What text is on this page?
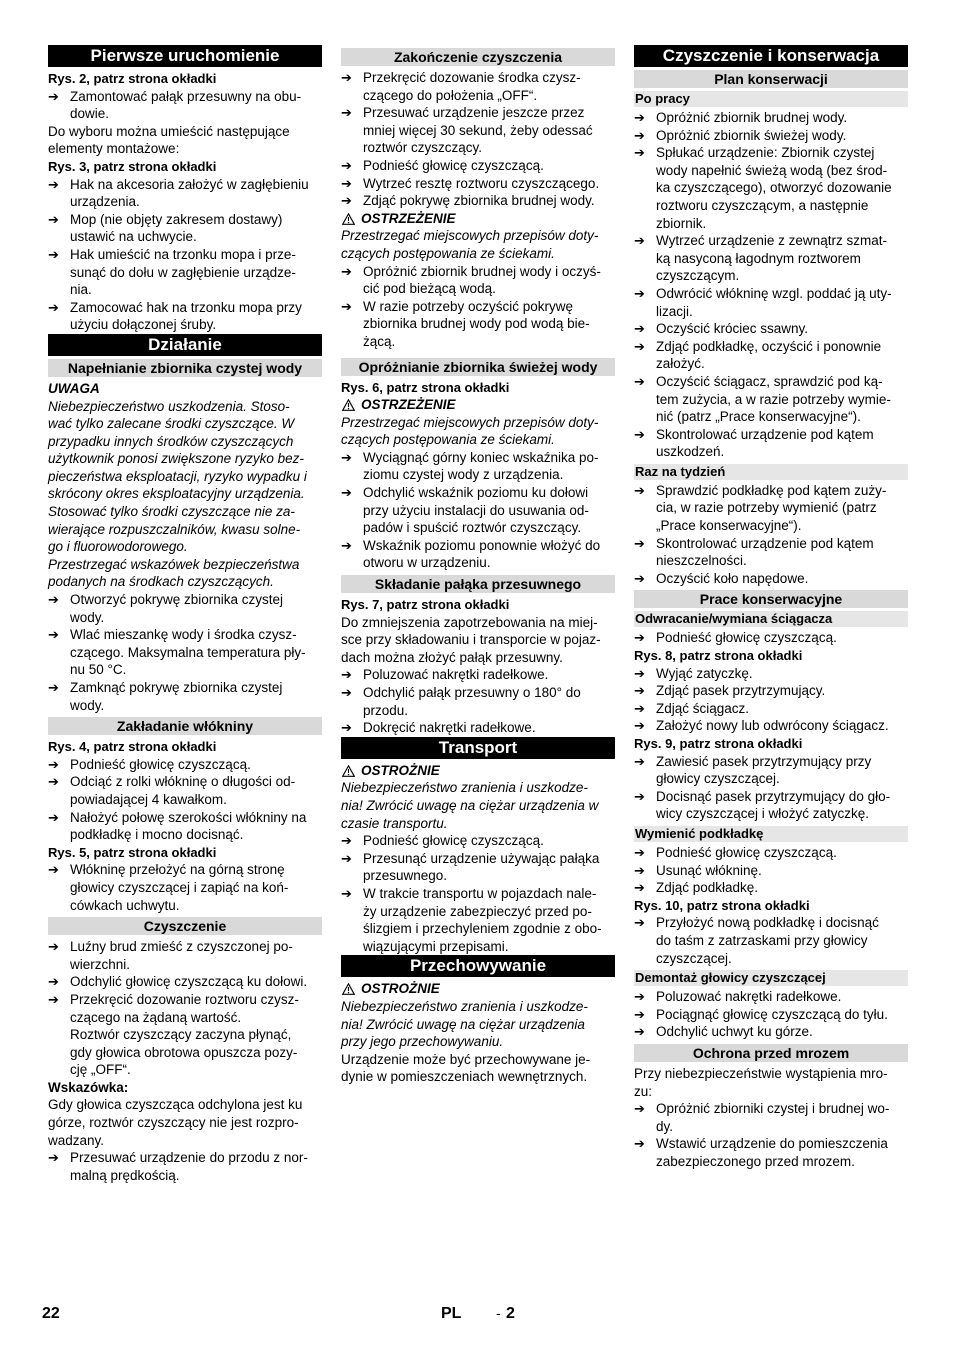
Pierwsze uruchomienie
Rys. 2, patrz strona okładki
➔ Zamontować pałąk przesuwny na obu-
dowie.
Do wyboru można umieścić następujące
elementy montażowe:
Rys. 3, patrz strona okładki
➔ Hak na akcesoria założyć w zagłębieniu
urządzenia.
➔ Mop (nie objęty zakresem dostawy)
ustawić na uchwycie.
➔ Hak umieścić na trzonku mopa i prze-
sunąć do dołu w zagłębienie urządze-
nia.
➔ Zamocować hak na trzonku mopa przy
użyciu dołączonej śruby.
Działanie
Napełnianie zbiornika czystej wody
UWAGA
Niebezpieczeństwo uszkodzenia. Stoso-
wać tylko zalecane środki czyszczące. W
przypadku innych środków czyszczących
użytkownik ponosi zwiększone ryzyko bez-
pieczeństwa eksploatacji, ryzyko wypadku i
skrócony okres eksploatacyjny urządzenia.
Stosować tylko środki czyszczące nie za-
wierające rozpuszczalników, kwasu solne-
go i fluorowodorowego.
Przestrzegać wskazówek bezpieczeństwa
podanych na środkach czyszczących.
➔ Otworzyć pokrywę zbiornika czystej
wody.
➔ Wlać mieszankę wody i środka czysz-
czącego. Maksymalna temperatura pły-
nu 50 °C.
➔ Zamknąć pokrywę zbiornika czystej
wody.
Zakładanie włókniny
Rys. 4, patrz strona okładki
➔ Podnieść głowicę czyszczącą.
➔ Odciąć z rolki włókninę o długości od-
powiadającej 4 kawałkom.
➔ Nałożyć połowę szerokości włókniny na
podkładkę i mocno docisnąć.
Rys. 5, patrz strona okładki
➔ Włókninę przełożyć na górną stronę
głowicy czyszczącej i zapiąć na koń-
cówkach uchwytu.
Czyszczenie
➔ Luźny brud zmieść z czyszczonej po-
wierzchni.
➔ Odchylić głowicę czyszczącą ku dołowi.
➔ Przekręcić dozowanie roztworu czysz-
czącego na żądaną wartość.
Roztwór czyszczący zaczyna płynąć,
gdy głowica obrotowa opuszcza pozy-
cję „OFF“.
Wskazówka:
Gdy głowica czyszcząca odchylona jest ku
górze, roztwór czyszczący nie jest rozpro-
wadzany.
➔ Przesuwać urządzenie do przodu z nor-
malną prędkością.
Zakończenie czyszczenia
➔ Przekręcić dozowanie środka czysz-
czącego do położenia „OFF“.
➔ Przesuwać urządzenie jeszcze przez
mniej więcej 30 sekund, żeby odessać
roztwór czyszczący.
➔ Podnieść głowicę czyszczącą.
➔ Wytrzeć resztę roztworu czyszczącego.
➔ Zdjąć pokrywę zbiornika brudnej wody.
OSTRZEŻENIE
Przestrzegać miejscowych przepisów doty-
czących postępowania ze ściekami.
➔ Opróżnić zbiornik brudnej wody i oczyś-
cić pod bieżącą wodą.
➔ W razie potrzeby oczyścić pokrywę
zbiornika brudnej wody pod wodą bie-
żącą.
Opróżnianie zbiornika świeżej wody
Rys. 6, patrz strona okładki
OSTRZEŻENIE
Przestrzegać miejscowych przepisów doty-
czących postępowania ze ściekami.
➔ Wyciągnąć górny koniec wskaźnika po-
ziomu czystej wody z urządzenia.
➔ Odchylić wskaźnik poziomu ku dołowi
przy użyciu instalacji do usuwania od-
padów i spuścić roztwór czyszczący.
➔ Wskaźnik poziomu ponownie włożyć do
otworu w urządzeniu.
Składanie pałąka przesuwnego
Rys. 7, patrz strona okładki
Do zmniejszenia zapotrzebowania na miej-
sce przy składowaniu i transporcie w pojaz-
dach można złożyć pałąk przesuwny.
➔ Poluzować nakrętki radełkowe.
➔ Odchylić pałąk przesuwny o 180° do
przodu.
➔ Dokręcić nakrętki radełkowe.
Transport
OSTROŻNIE
Niebezpieczeństwo zranienia i uszkodze-
nia! Zwrócić uwagę na ciężar urządzenia w
czasie transportu.
➔ Podnieść głowicę czyszczącą.
➔ Przesunąć urządzenie używając pałąka
przesuwnego.
➔ W trakcie transportu w pojazdach nale-
ży urządzenie zabezpieczyć przed po-
ślizgiem i przechyleniem zgodnie z obo-
wiązującymi przepisami.
Przechowywanie
OSTROŻNIE
Niebezpieczeństwo zranienia i uszkodze-
nia! Zwrócić uwagę na ciężar urządzenia
przy jego przechowywaniu.
Urządzenie może być przechowywane je-
dynie w pomieszczeniach wewnętrznych.
Czyszczenie i konserwacja
Plan konserwacji
Po pracy
➔ Opróżnić zbiornik brudnej wody.
➔ Opróżnić zbiornik świeżej wody.
➔ Spłukać urządzenie: Zbiornik czystej
wody napełnić świeżą wodą (bez środ-
ka czyszczącego), otworzyć dozowanie
roztworu czyszczącym, a następnie
zbiornik.
➔ Wytrzeć urządzenie z zewnątrz szmat-
ką nasyconą łagodnym roztworem
czyszczącym.
➔ Odwrócić włókninę wzgl. poddać ją uty-
lizacji.
➔ Oczyścić króciec ssawny.
➔ Zdjąć podkładkę, oczyścić i ponownie
założyć.
➔ Oczyścić ściągacz, sprawdzić pod ką-
tem zużycia, a w razie potrzeby wymie-
nić (patrz „Prace konserwacyjne“).
➔ Skontrolować urządzenie pod kątem
uszkodzeń.
Raz na tydzień
➔ Sprawdzić podkładkę pod kątem zuży-
cia, w razie potrzeby wymienić (patrz
„Prace konserwacyjne“).
➔ Skontrolować urządzenie pod kątem
nieszczelności.
➔ Oczyścić koło napędowe.
Prace konserwacyjne
Odwracanie/wymiana ściągacza
➔ Podnieść głowicę czyszczącą.
Rys. 8, patrz strona okładki
➔ Wyjąć zatyczkę.
➔ Zdjąć pasek przytrzymujący.
➔ Zdjąć ściągacz.
➔ Założyć nowy lub odwrócony ściągacz.
Rys. 9, patrz strona okładki
➔ Zawiesić pasek przytrzymujący przy
głowicy czyszczącej.
➔ Docisnąć pasek przytrzymujący do gło-
wicy czyszczącej i włożyć zatyczkę.
Wymienić podkładkę
➔ Podnieść głowicę czyszczącą.
➔ Usunąć włókninę.
➔ Zdjąć podkładkę.
Rys. 10, patrz strona okładki
➔ Przyłożyć nową podkładkę i docisnąć
do taśm z zatrzaskami przy głowicy
czyszczącej.
Demontaż głowicy czyszczącej
➔ Poluzować nakrętki radełkowe.
➔ Pociągnąć głowicę czyszczącą do tyłu.
➔ Odchylić uchwyt ku górze.
Ochrona przed mrozem
Przy niebezpieczeństwie wystąpienia mro-
zu:
➔ Opróżnić zbiorniki czystej i brudnej wo-
dy.
➔ Wstawić urządzenie do pomieszczenia
zabezpieczonego przed mrozem.
22	PL - 2
